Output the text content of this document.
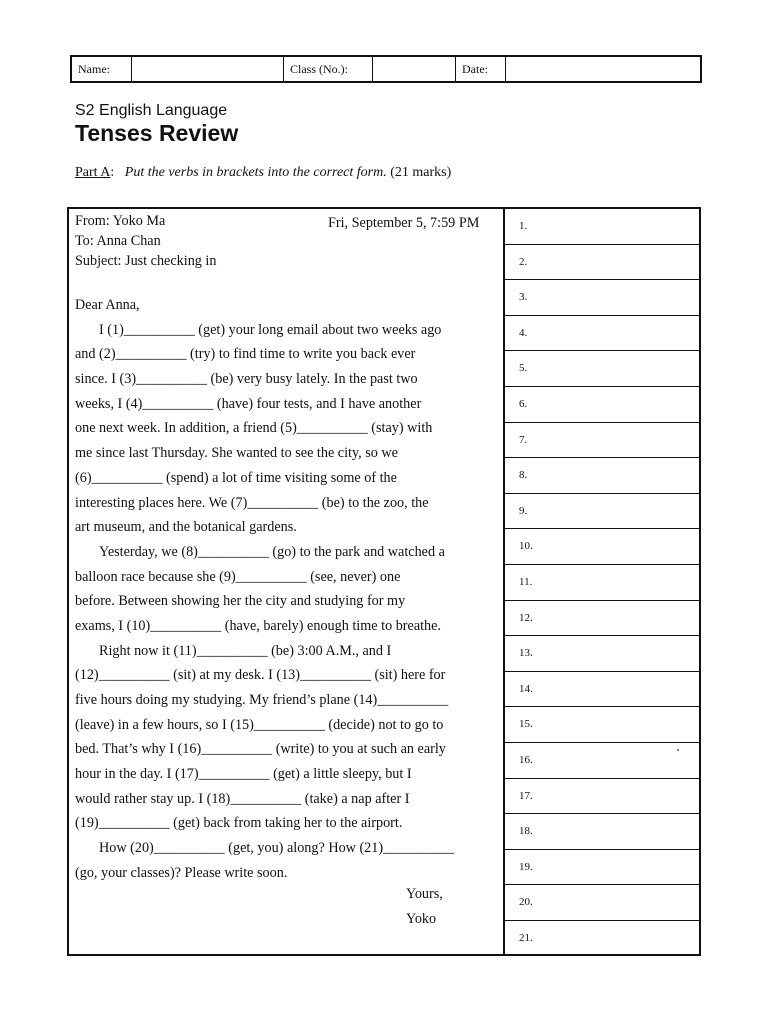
Name:	Class (No.):	Date:
S2 English Language
Tenses Review
Part A: Put the verbs in brackets into the correct form. (21 marks)
From: Yoko Ma
To: Anna Chan
Subject: Just checking in
Fri, September 5, 7:59 PM
Dear Anna,
I (1)__________ (get) your long email about two weeks ago
and (2)__________ (try) to find time to write you back ever
since. I (3)__________ (be) very busy lately. In the past two
weeks, I (4)__________ (have) four tests, and I have another
one next week. In addition, a friend (5)__________ (stay) with
me since last Thursday. She wanted to see the city, so we
(6)__________ (spend) a lot of time visiting some of the
interesting places here. We (7)__________ (be) to the zoo, the
art museum, and the botanical gardens.
Yesterday, we (8)__________ (go) to the park and watched a
balloon race because she (9)__________ (see, never) one
before. Between showing her the city and studying for my
exams, I (10)__________ (have, barely) enough time to breathe.
Right now it (11)__________ (be) 3:00 A.M., and I
(12)__________ (sit) at my desk. I (13)__________ (sit) here for
five hours doing my studying. My friend’s plane (14)__________
(leave) in a few hours, so I (15)__________ (decide) not to go to
bed. That’s why I (16)__________ (write) to you at such an early
hour in the day. I (17)__________ (get) a little sleepy, but I
would rather stay up. I (18)__________ (take) a nap after I
(19)__________ (get) back from taking her to the airport.
How (20)__________ (get, you) along? How (21)__________
(go, your classes)? Please write soon.
Yours,
Yoko
1.
2.
3.
4.
5.
6.
7.
8.
9.
10.
11.
12.
13.
14.
15.
16.
17.
18.
19.
20.
21.
